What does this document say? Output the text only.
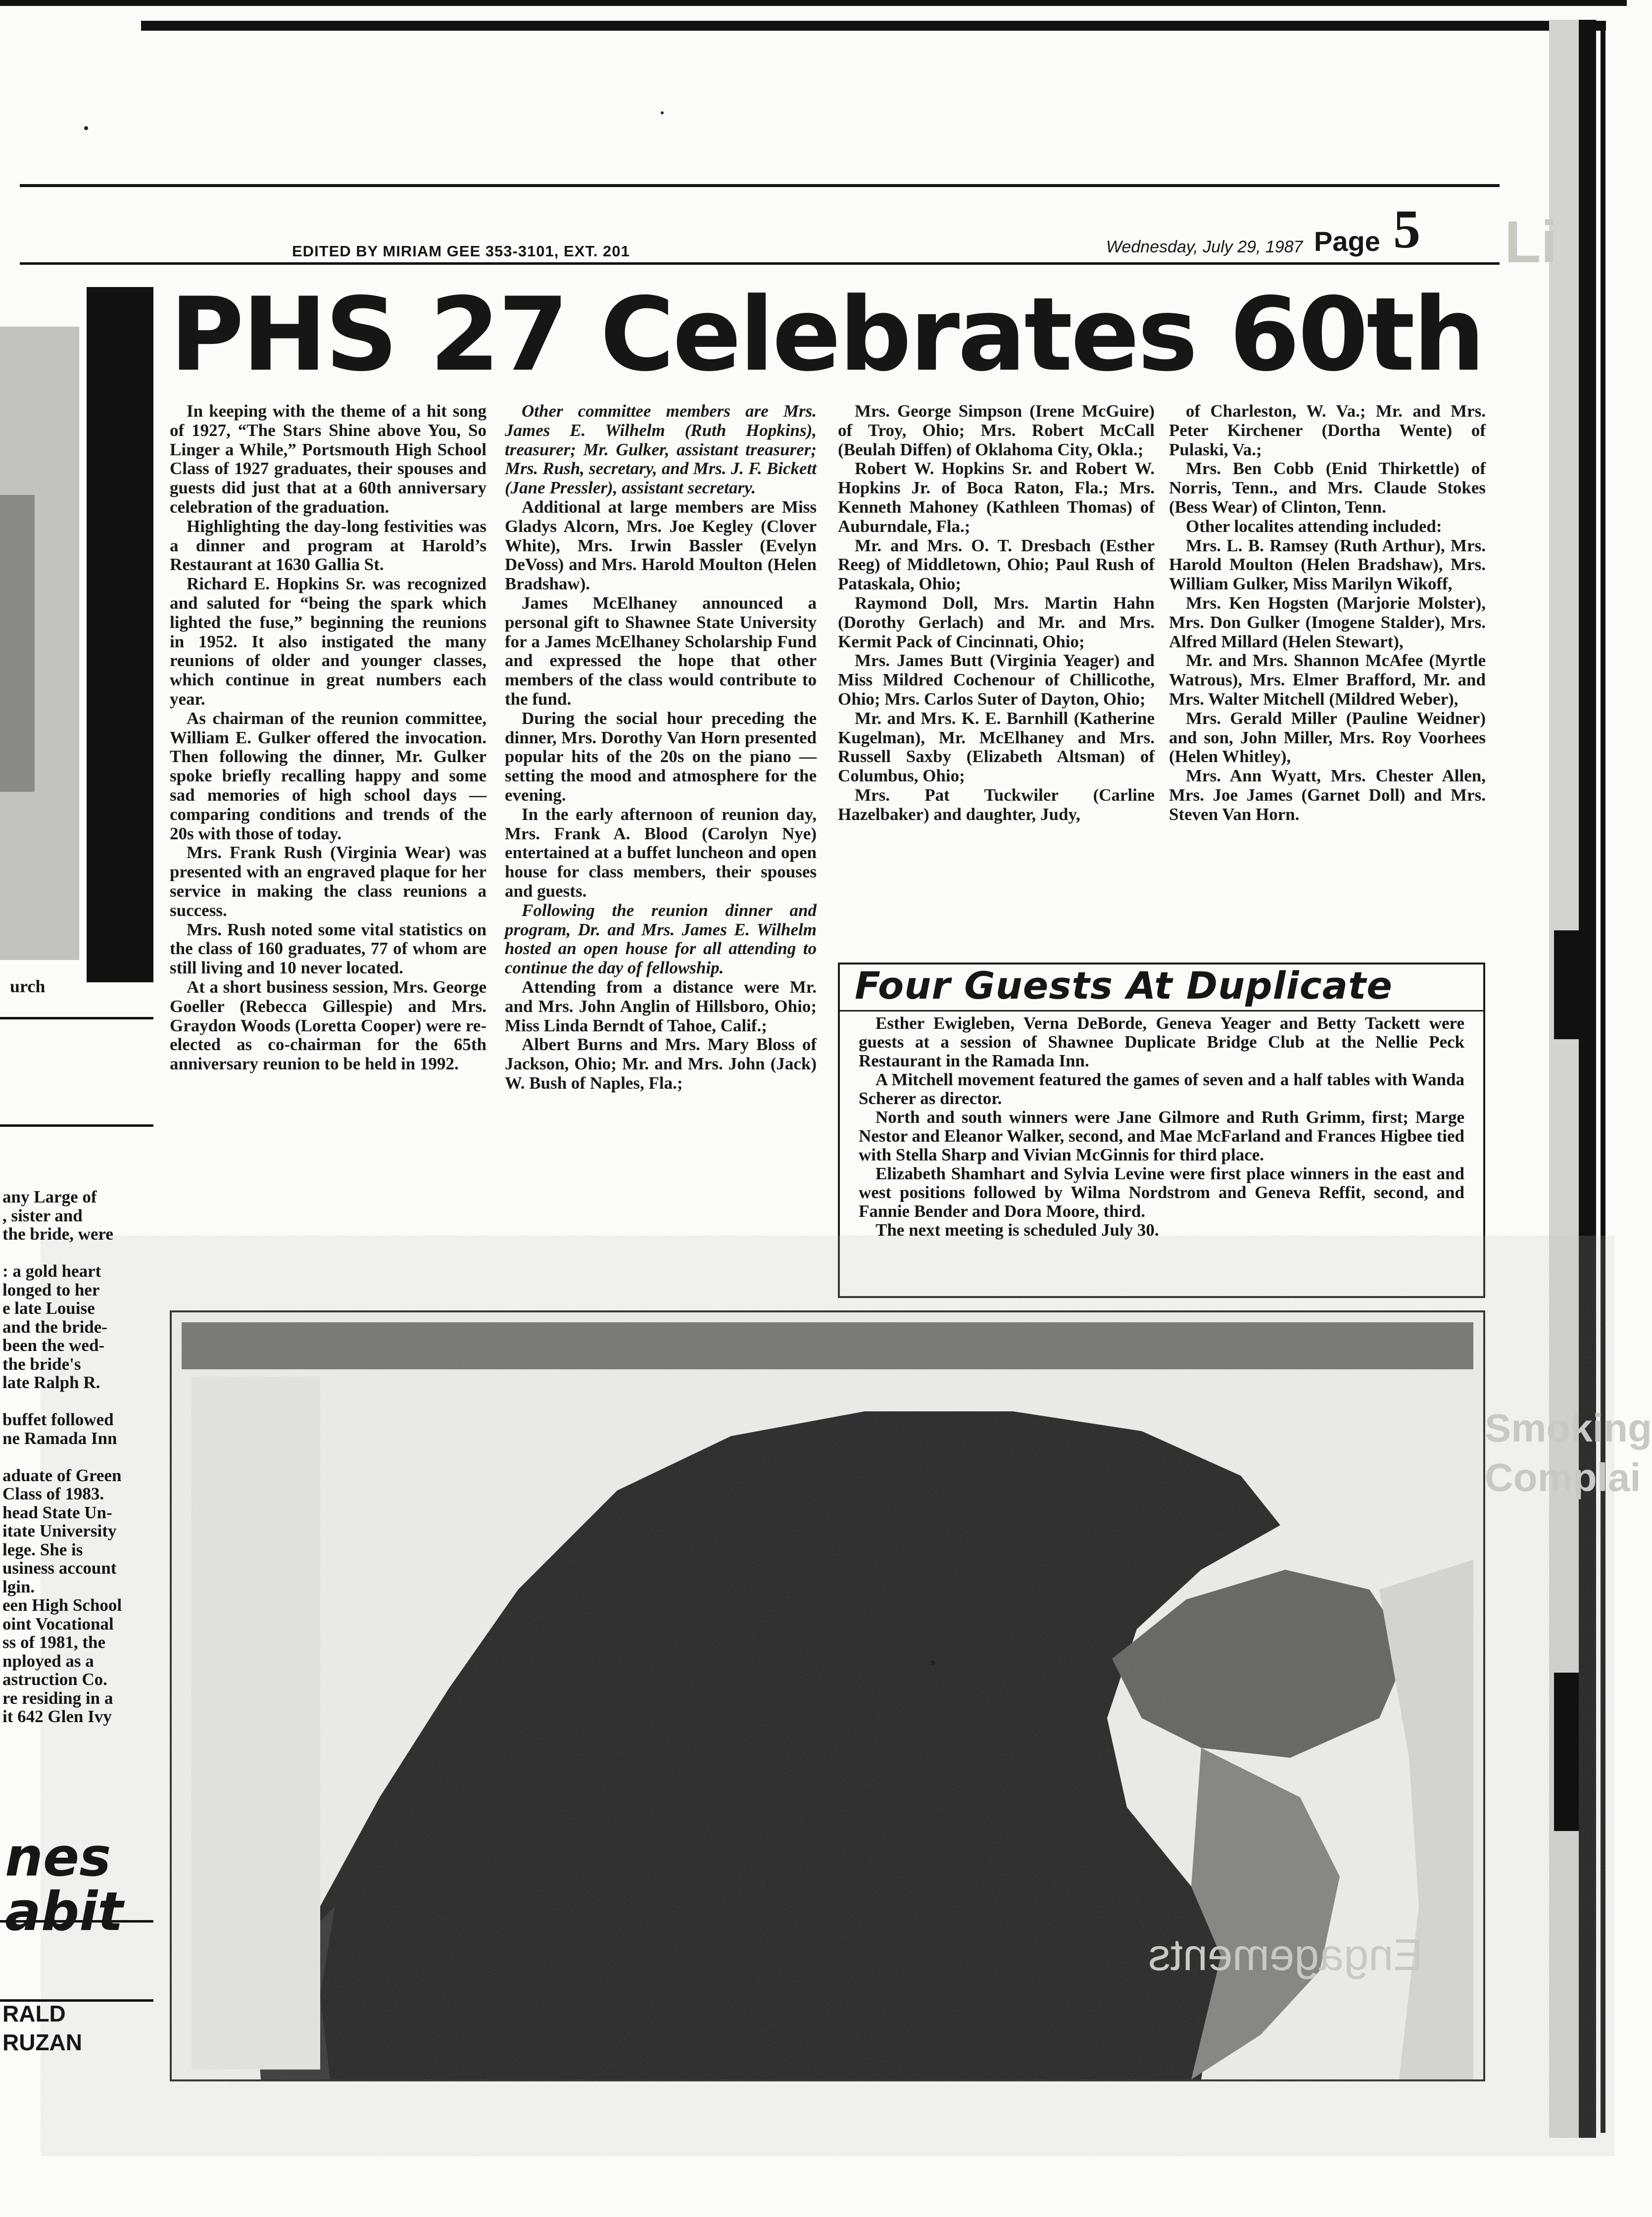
EDITED BY MIRIAM GEE 353-3101, EXT. 201	Wednesday, July 29, 1987 Page 5
PHS 27 Celebrates 60th

In keeping with the theme of a hit song of 1927, “The Stars Shine above You, So Linger a While,” Portsmouth High School Class of 1927 graduates, their spouses and guests did just that at a 60th anniversary celebration of the graduation.

Highlighting the day-long festivities was a dinner and program at Harold’s Restaurant at 1630 Gallia St.

Richard E. Hopkins Sr. was recognized and saluted for “being the spark which lighted the fuse,” beginning the reunions in 1952. It also instigated the many reunions of older and younger classes, which continue in great numbers each year.

As chairman of the reunion committee, William E. Gulker offered the invocation. Then following the dinner, Mr. Gulker spoke briefly recalling happy and some sad memories of high school days — comparing conditions and trends of the 20s with those of today.

Mrs. Frank Rush (Virginia Wear) was presented with an engraved plaque for her service in making the class reunions a success.

Mrs. Rush noted some vital statistics on the class of 160 graduates, 77 of whom are still living and 10 never located.

At a short business session, Mrs. George Goeller (Rebecca Gillespie) and Mrs. Graydon Woods (Loretta Cooper) were re-elected as co-chairman for the 65th anniversary reunion to be held in 1992.

Other committee members are Mrs. James E. Wilhelm (Ruth Hopkins), treasurer; Mr. Gulker, assistant treasurer; Mrs. Rush, secretary, and Mrs. J. F. Bickett (Jane Pressler), assistant secretary.

Additional at large members are Miss Gladys Alcorn, Mrs. Joe Kegley (Clover White), Mrs. Irwin Bassler (Evelyn DeVoss) and Mrs. Harold Moulton (Helen Bradshaw).

James McElhaney announced a personal gift to Shawnee State University for a James McElhaney Scholarship Fund and expressed the hope that other members of the class would contribute to the fund.

During the social hour preceding the dinner, Mrs. Dorothy Van Horn presented popular hits of the 20s on the piano — setting the mood and atmosphere for the evening.

In the early afternoon of reunion day, Mrs. Frank A. Blood (Carolyn Nye) entertained at a buffet luncheon and open house for class members, their spouses and guests.

Following the reunion dinner and program, Dr. and Mrs. James E. Wilhelm hosted an open house for all attending to continue the day of fellowship.

Attending from a distance were Mr. and Mrs. John Anglin of Hillsboro, Ohio; Miss Linda Berndt of Tahoe, Calif.;

Albert Burns and Mrs. Mary Bloss of Jackson, Ohio; Mr. and Mrs. John (Jack) W. Bush of Naples, Fla.;

Mrs. George Simpson (Irene McGuire) of Troy, Ohio; Mrs. Robert McCall (Beulah Diffen) of Oklahoma City, Okla.;

Robert W. Hopkins Sr. and Robert W. Hopkins Jr. of Boca Raton, Fla.; Mrs. Kenneth Mahoney (Kathleen Thomas) of Auburndale, Fla.;

Mr. and Mrs. O. T. Dresbach (Esther Reeg) of Middletown, Ohio; Paul Rush of Pataskala, Ohio;

Raymond Doll, Mrs. Martin Hahn (Dorothy Gerlach) and Mr. and Mrs. Kermit Pack of Cincinnati, Ohio;

Mrs. James Butt (Virginia Yeager) and Miss Mildred Cochenour of Chillicothe, Ohio; Mrs. Carlos Suter of Dayton, Ohio;

Mr. and Mrs. K. E. Barnhill (Katherine Kugelman), Mr. McElhaney and Mrs. Russell Saxby (Elizabeth Altsman) of Columbus, Ohio;

Mrs. Pat Tuckwiler (Carline Hazelbaker) and daughter, Judy,

of Charleston, W. Va.; Mr. and Mrs. Peter Kirchener (Dortha Wente) of Pulaski, Va.;

Mrs. Ben Cobb (Enid Thirkettle) of Norris, Tenn., and Mrs. Claude Stokes (Bess Wear) of Clinton, Tenn.

Other localites attending included:

Mrs. L. B. Ramsey (Ruth Arthur), Mrs. Harold Moulton (Helen Bradshaw), Mrs. William Gulker, Miss Marilyn Wikoff,

Mrs. Ken Hogsten (Marjorie Molster), Mrs. Don Gulker (Imogene Stalder), Mrs. Alfred Millard (Helen Stewart),

Mr. and Mrs. Shannon McAfee (Myrtle Watrous), Mrs. Elmer Brafford, Mr. and Mrs. Walter Mitchell (Mildred Weber),

Mrs. Gerald Miller (Pauline Weidner) and son, John Miller, Mrs. Roy Voorhees (Helen Whitley),

Mrs. Ann Wyatt, Mrs. Chester Allen, Mrs. Joe James (Garnet Doll) and Mrs. Steven Van Horn.

Four Guests At Duplicate

Esther Ewigleben, Verna DeBorde, Geneva Yeager and Betty Tackett were guests at a session of Shawnee Duplicate Bridge Club at the Nellie Peck Restaurant in the Ramada Inn.

A Mitchell movement featured the games of seven and a half tables with Wanda Scherer as director.

North and south winners were Jane Gilmore and Ruth Grimm, first; Marge Nestor and Eleanor Walker, second, and Mae McFarland and Frances Higbee tied with Stella Sharp and Vivian McGinnis for third place.

Elizabeth Shamhart and Sylvia Levine were first place winners in the east and west positions followed by Wilma Nordstrom and Geneva Reffit, second, and Fannie Bender and Dora Moore, third.

The next meeting is scheduled July 30.

urch

any Large of

, sister and

the bride, were

: a gold heart

longed to her

e late Louise

and the bride-

been the wed-

the bride's

late Ralph R.

buffet followed

ne Ramada Inn

aduate of Green

Class of 1983.

head State Un-

itate University

lege. She is

usiness account

lgin.

een High School

oint Vocational

ss of 1981, the

nployed as a

astruction Co.

re residing in a

it 642 Glen Ivy

nes
abit
RALD
RUZAN
Li
Smoking
Complai
Engagements
